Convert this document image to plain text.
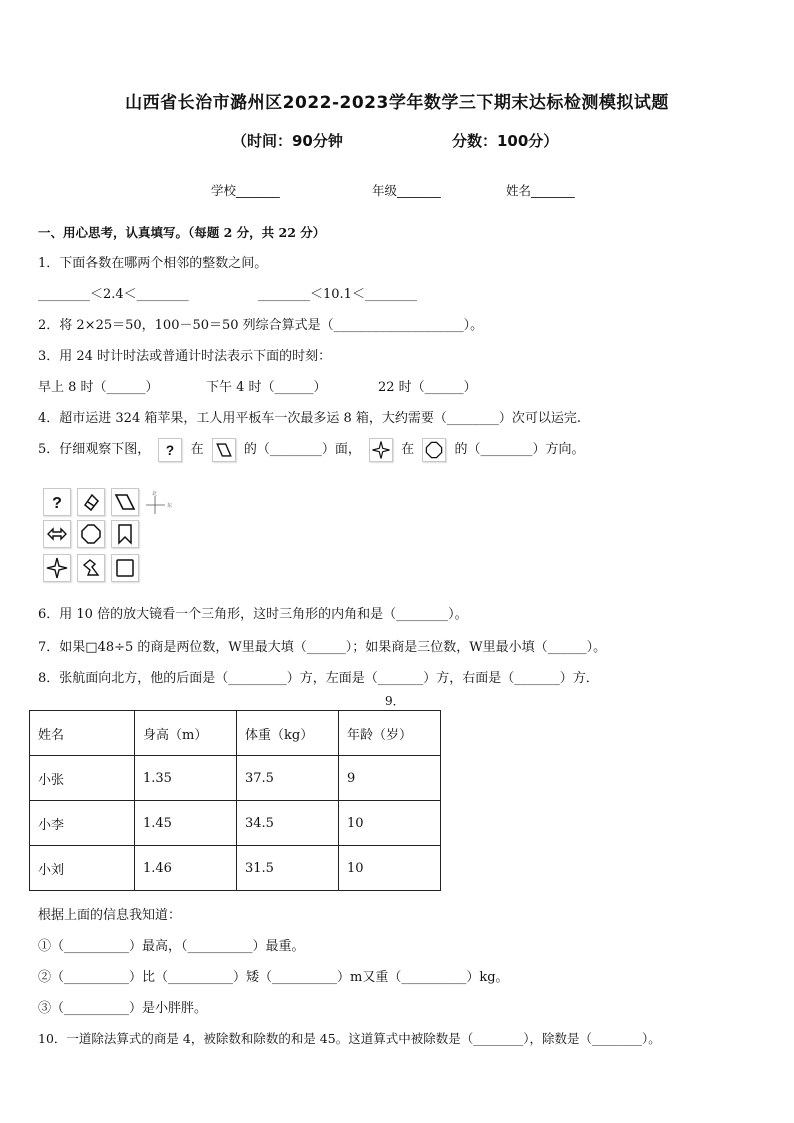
山西省长治市潞州区2022-2023学年数学三下期末达标检测模拟试题
（时间：90分钟	分数：100分）
学校_______	年级_______	姓名_______
一、用心思考，认真填写。（每题 2 分，共 22 分）
1．下面各数在哪两个相邻的整数之间。
________＜2.4＜________	________＜10.1＜________
2．将 2×25＝50，100－50＝50 列综合算式是（____________________）。
3．用 24 时计时法或普通计时法表示下面的时刻：
早上 8 时（______）	下午 4 时（______）	22 时（______）
4．超市运进 324 箱苹果，工人用平板车一次最多运 8 箱，大约需要（________）次可以运完.
5．仔细观察下图， ? 在	的（________）面，	在	的（________）方向。
?
北
东
6．用 10 倍的放大镜看一个三角形，这时三角形的内角和是（________）。
7．如果□48÷5 的商是两位数，W里最大填（______）；如果商是三位数，W里最小填（______）。
8．张航面向北方，他的后面是（_________）方，左面是（_______）方，右面是（_______）方．
9．
姓名	身高（m）	体重（kg）	年龄（岁）
小张	1.35	37.5	9
小李	1.45	34.5	10
小刘	1.46	31.5	10
根据上面的信息我知道：
①（__________）最高，（__________）最重。
②（__________）比（__________）矮（__________）m又重（__________）kg。
③（__________）是小胖胖。
10．一道除法算式的商是 4，被除数和除数的和是 45。这道算式中被除数是（________），除数是（________）。
